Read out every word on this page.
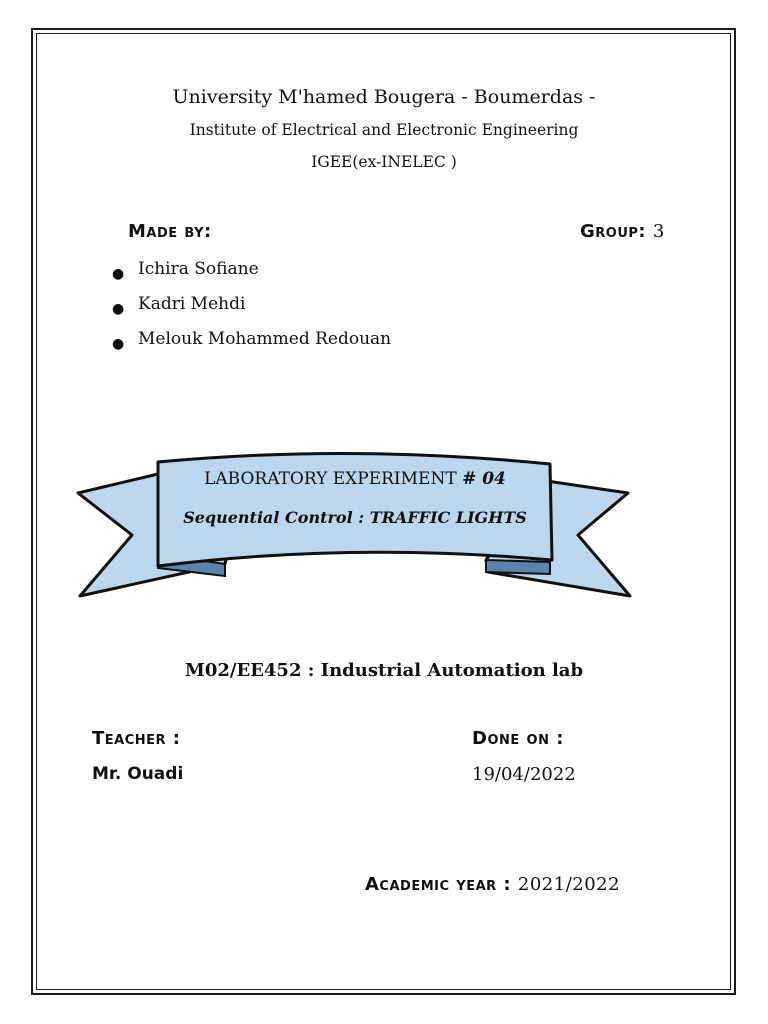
University M'hamed Bougera - Boumerdas -
Institute of Electrical and Electronic Engineering
IGEE(ex-INELEC )
Made by:	Group: 3
● Ichira Sofiane
● Kadri Mehdi
● Melouk Mohammed Redouan
LABORATORY EXPERIMENT # 04
Sequential Control : TRAFFIC LIGHTS
M02/EE452 : Industrial Automation lab
Teacher :	Done on :
Mr. Ouadi	19/04/2022
Academic year : 2021/2022
